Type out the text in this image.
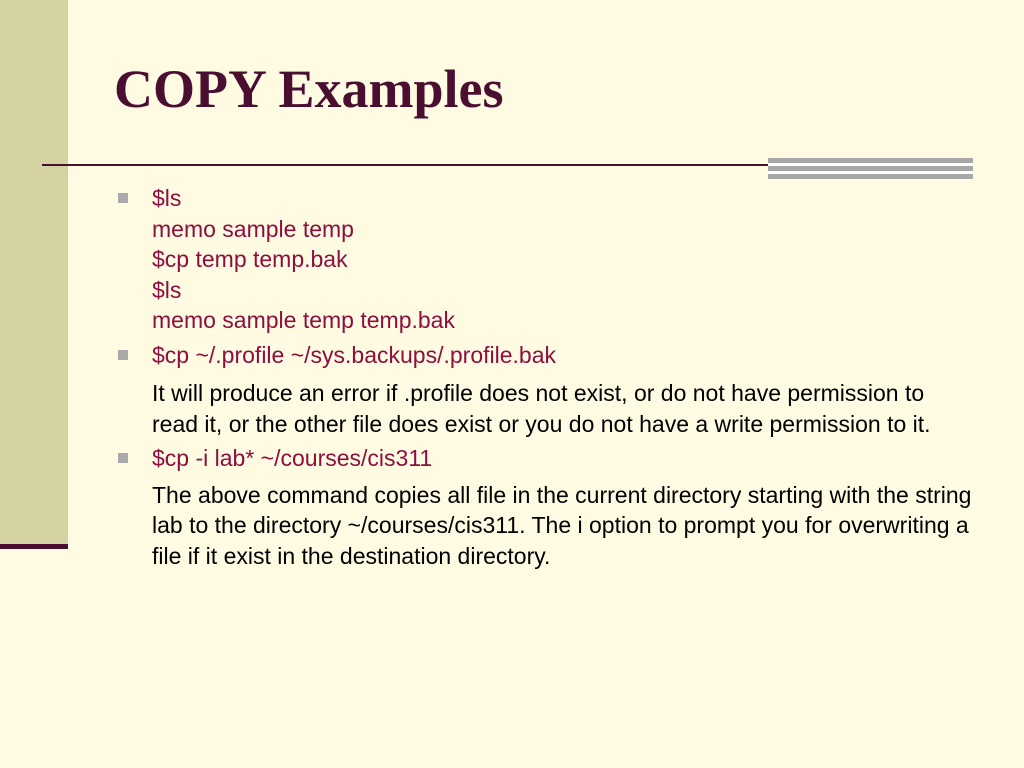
COPY Examples
$ls
memo sample temp
$cp temp temp.bak
$ls
memo sample temp temp.bak
$cp ~/.profile ~/sys.backups/.profile.bak
It will produce an error if .profile does not exist, or do not have permission to read it, or the other file does exist or you do not have a write permission to it.
$cp -i lab* ~/courses/cis311
The above command copies all file in the current directory starting with the string lab to the directory ~/courses/cis311. The i option to prompt you for overwriting a file if it exist in the destination directory.
